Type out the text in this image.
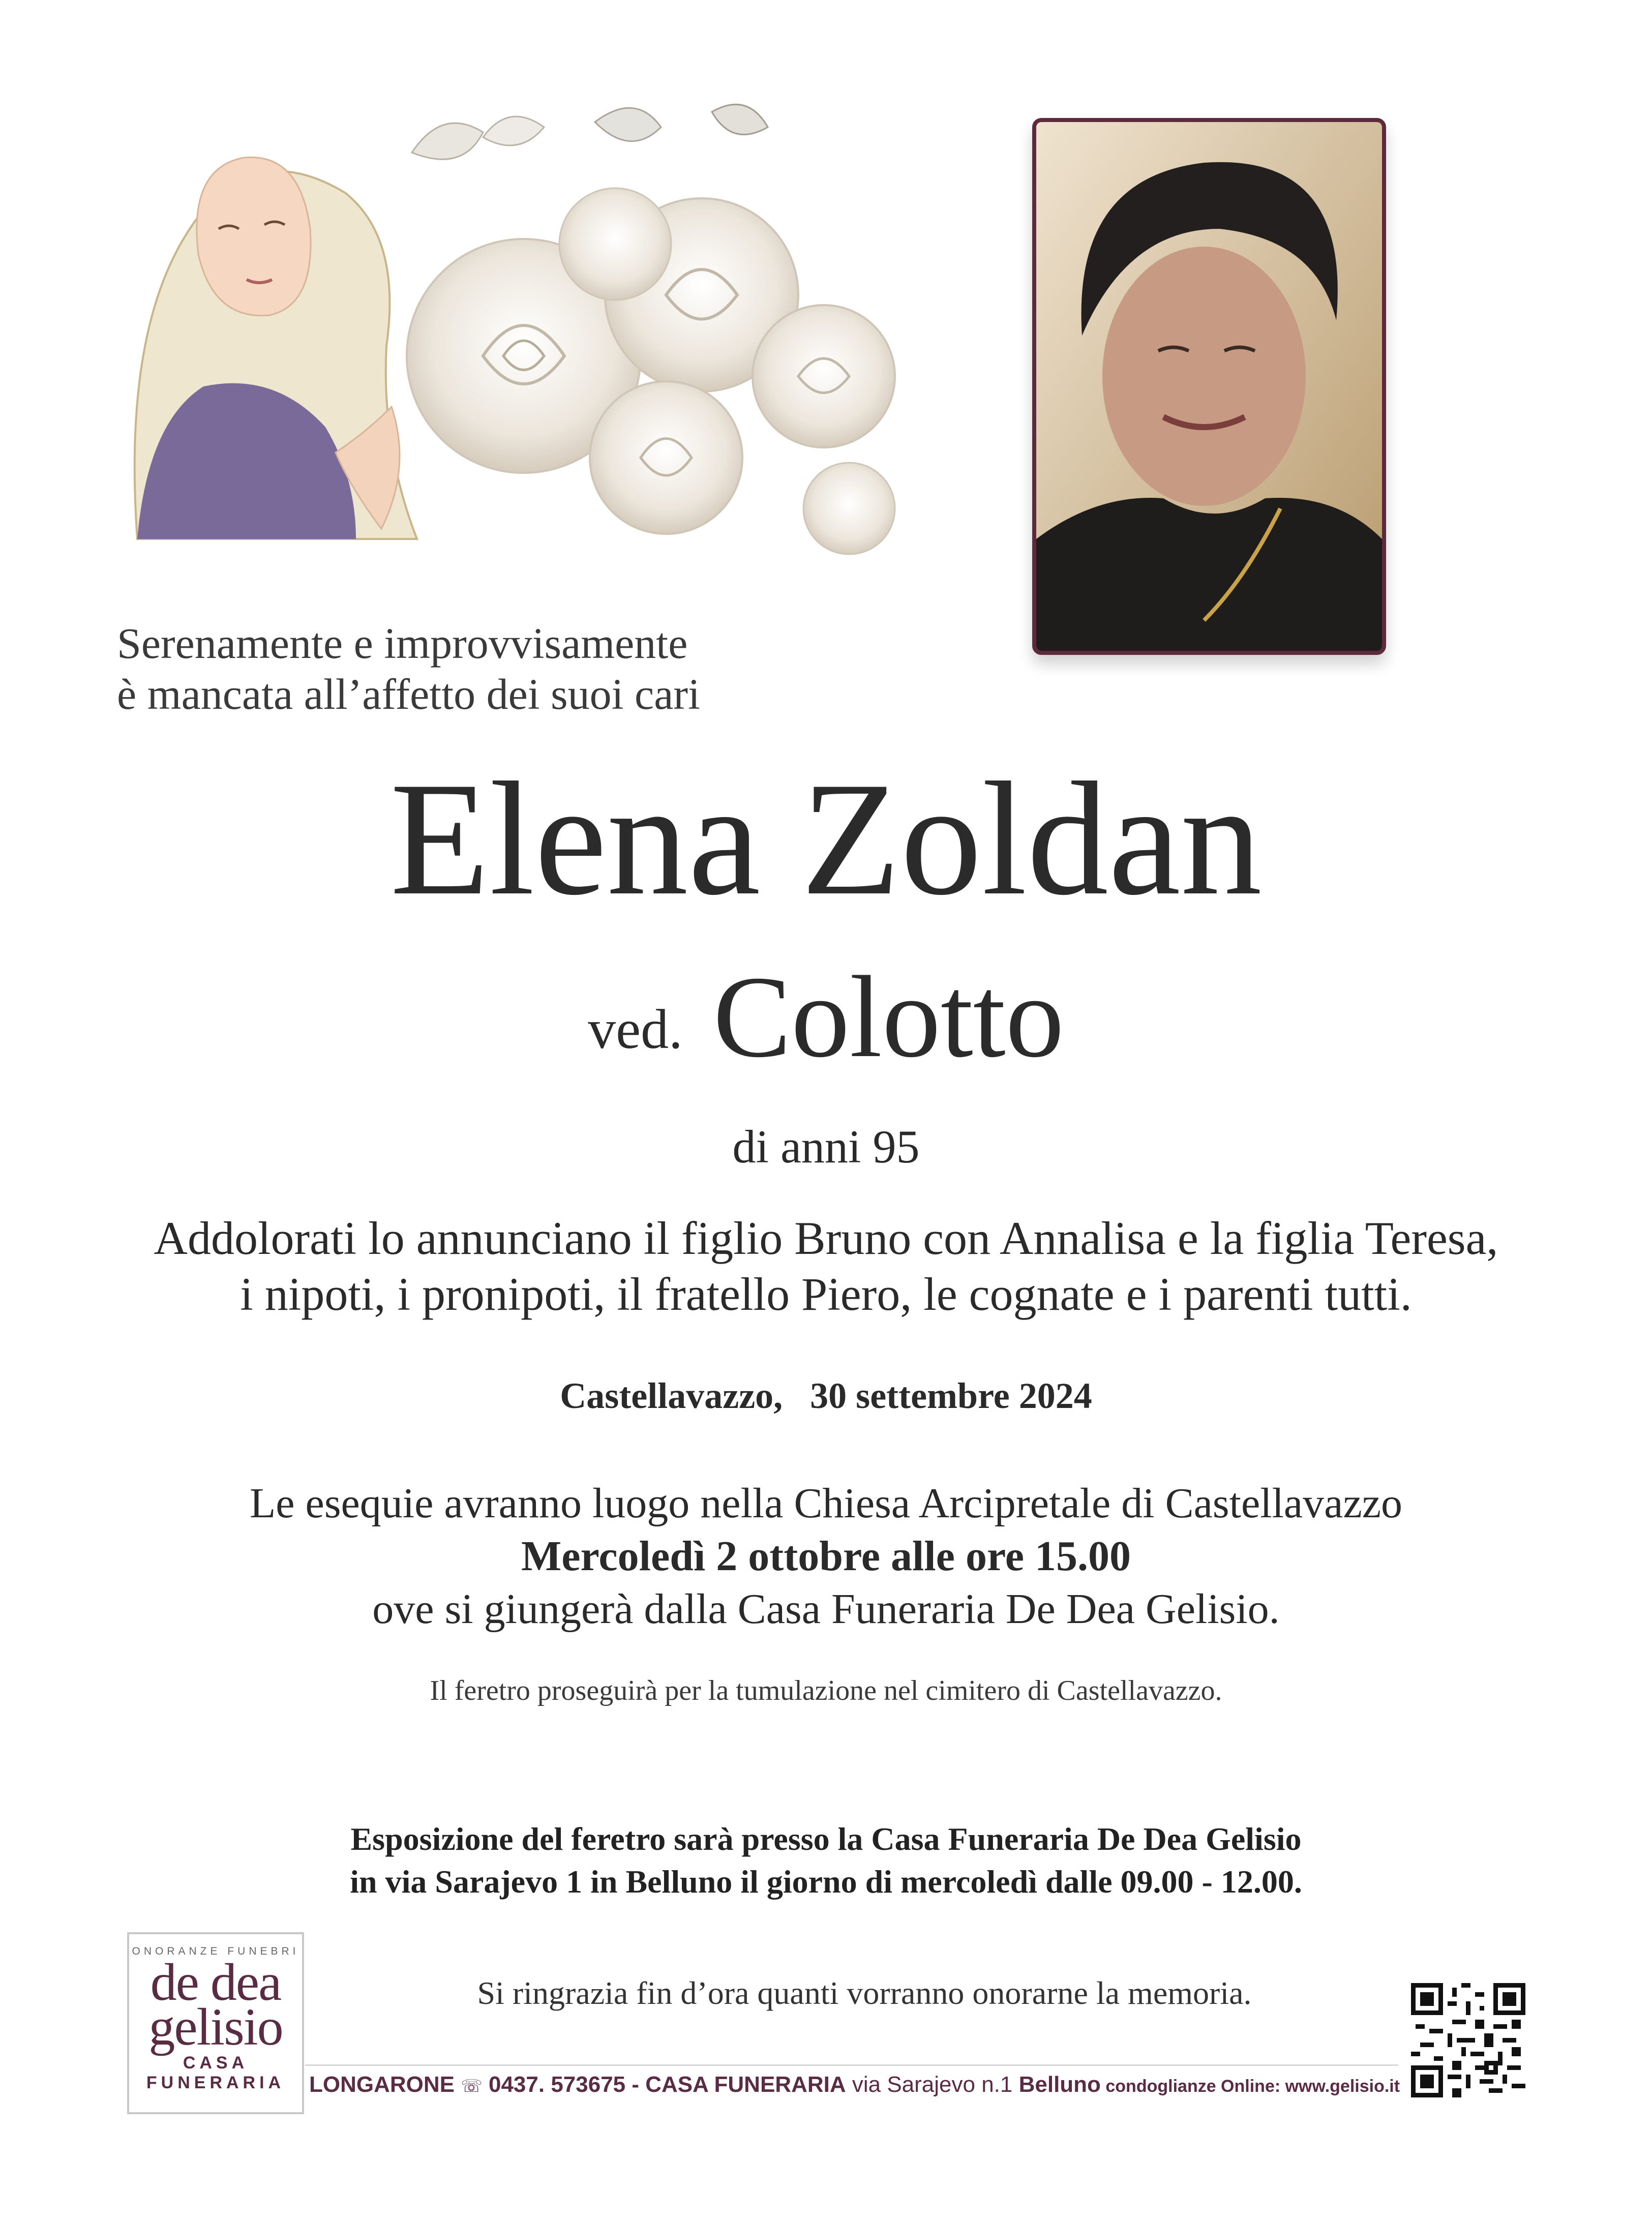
Serenamente e improvvisamente
è mancata all’affetto dei suoi cari
Elena Zoldan
ved. Colotto
di anni 95
Addolorati lo annunciano il figlio Bruno con Annalisa e la figlia Teresa,
i nipoti, i pronipoti, il fratello Piero, le cognate e i parenti tutti.
Castellavazzo,   30 settembre 2024
Le esequie avranno luogo nella Chiesa Arcipretale di Castellavazzo
Mercoledì 2 ottobre alle ore 15.00
ove si giungerà dalla Casa Funeraria De Dea Gelisio.
Il feretro proseguirà per la tumulazione nel cimitero di Castellavazzo.
Esposizione del feretro sarà presso la Casa Funeraria De Dea Gelisio
in via Sarajevo 1 in Belluno il giorno di mercoledì dalle 09.00 - 12.00.
Si ringrazia fin d’ora quanti vorranno onorarne la memoria.
ONORANZE FUNEBRI
de dea
gelisio
CASA FUNERARIA	LONGARONE ☏ 0437. 573675 - CASA FUNERARIA via Sarajevo n.1 Belluno condoglianze Online: www.gelisio.it
